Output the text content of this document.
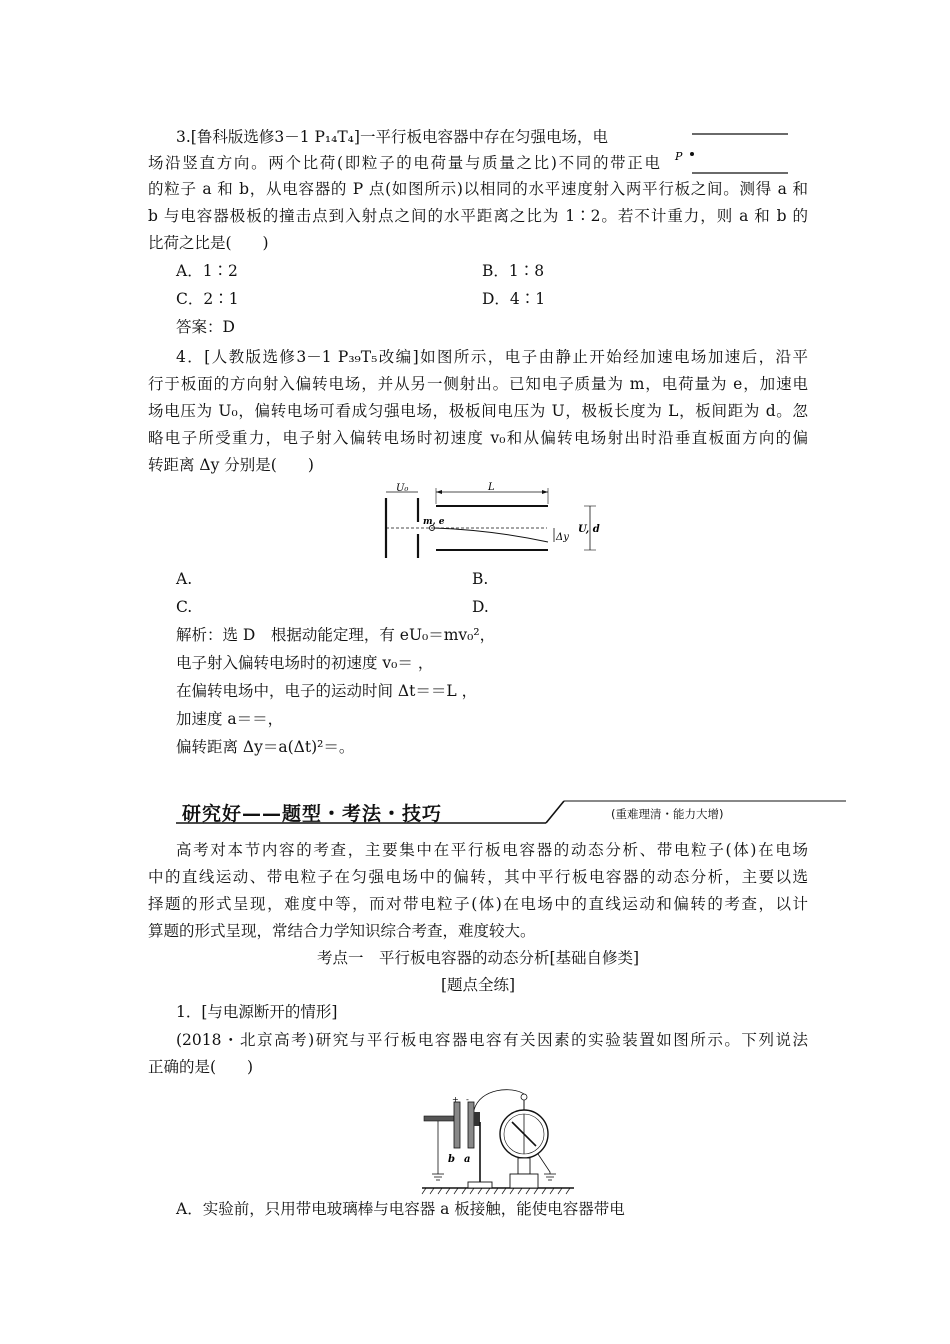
3.[鲁科版选修3－1 P₁₄T₄]一平行板电容器中存在匀强电场，电
场沿竖直方向。两个比荷(即粒子的电荷量与质量之比)不同的带正电
的粒子 a 和 b，从电容器的 P 点(如图所示)以相同的水平速度射入两平行板之间。测得 a 和
b 与电容器极板的撞击点到入射点之间的水平距离之比为 1∶2。若不计重力，则 a 和 b 的
比荷之比是(　　)
A．1∶2	B．1∶8
C．2∶1	D．4∶1
答案：D
P
4．[人教版选修3－1 P₃₉T₅改编]如图所示，电子由静止开始经加速电场加速后，沿平
行于板面的方向射入偏转电场，并从另一侧射出。已知电子质量为 m，电荷量为 e，加速电
场电压为 U₀，偏转电场可看成匀强电场，极板间电压为 U，极板长度为 L，板间距为 d。忽
略电子所受重力，电子射入偏转电场时初速度 v₀和从偏转电场射出时沿垂直板面方向的偏
转距离 Δy 分别是(　　)
U₀	L
m, e
Δy
U, d
A.	B.
C.	D.
解析：选 D　根据动能定理，有 eU₀＝mv₀²，
电子射入偏转电场时的初速度 v₀＝ ，
在偏转电场中，电子的运动时间 Δt＝＝L ，
加速度 a＝＝，
偏转距离 Δy＝a(Δt)²＝。
研究好——题型・考法・技巧	(重难理清・能力大增)
高考对本节内容的考查，主要集中在平行板电容器的动态分析、带电粒子(体)在电场
中的直线运动、带电粒子在匀强电场中的偏转，其中平行板电容器的动态分析，主要以选
择题的形式呈现，难度中等，而对带电粒子(体)在电场中的直线运动和偏转的考查，以计
算题的形式呈现，常结合力学知识综合考查，难度较大。
考点一　平行板电容器的动态分析[基础自修类]
[题点全练]
1．[与电源断开的情形]
(2018・北京高考)研究与平行板电容器电容有关因素的实验装置如图所示。下列说法
正确的是(　　)
+ -
b a
A．实验前，只用带电玻璃棒与电容器 a 板接触，能使电容器带电
